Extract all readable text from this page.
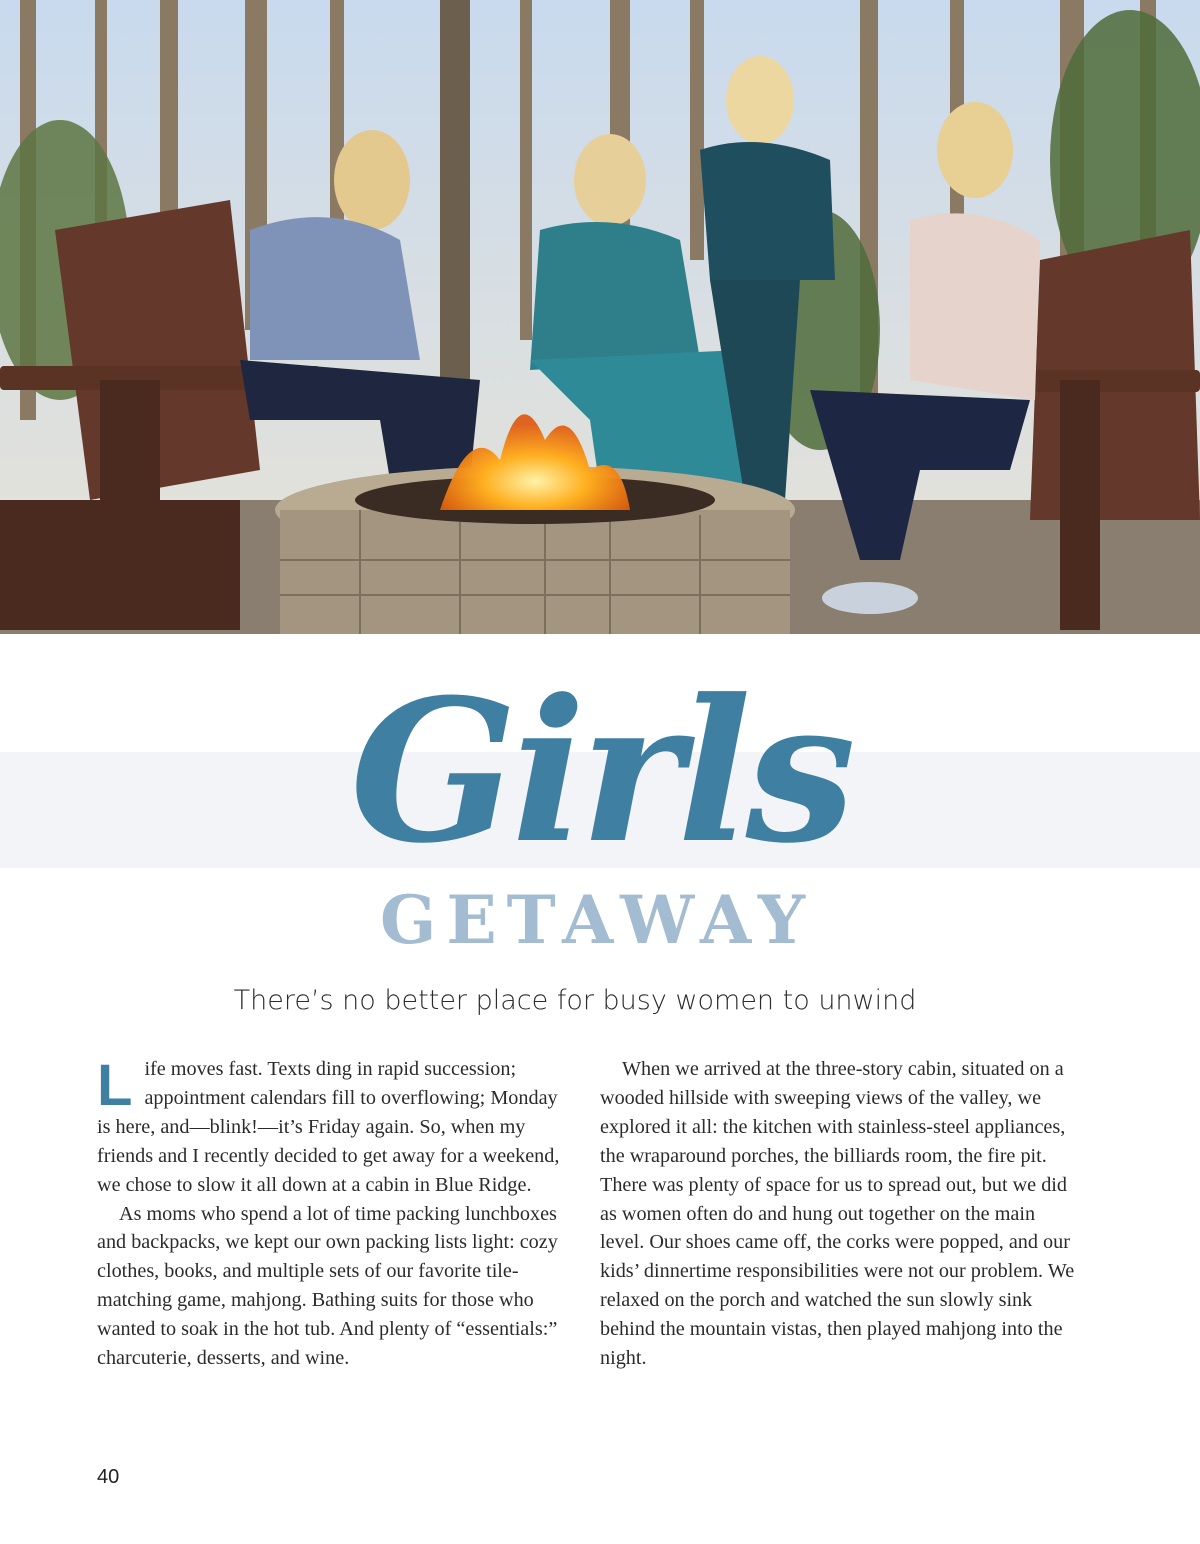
Girls
GETAWAY
There’s no better place for busy women to unwind

Life moves fast. Texts ding in rapid succession; appointment calendars fill to overflowing; Monday is here, and—blink!—it’s Friday again. So, when my friends and I recently decided to get away for a weekend, we chose to slow it all down at a cabin in Blue Ridge.

As moms who spend a lot of time packing lunchboxes and backpacks, we kept our own packing lists light: cozy clothes, books, and multiple sets of our favorite tile-matching game, mahjong. Bathing suits for those who wanted to soak in the hot tub. And plenty of “essentials:” charcuterie, desserts, and wine.

When we arrived at the three-story cabin, situated on a wooded hillside with sweeping views of the valley, we explored it all: the kitchen with stainless-steel appliances, the wraparound porches, the billiards room, the fire pit. There was plenty of space for us to spread out, but we did as women often do and hung out together on the main level. Our shoes came off, the corks were popped, and our kids’ dinnertime responsibilities were not our problem. We relaxed on the porch and watched the sun slowly sink behind the mountain vistas, then played mahjong into the night.

40
